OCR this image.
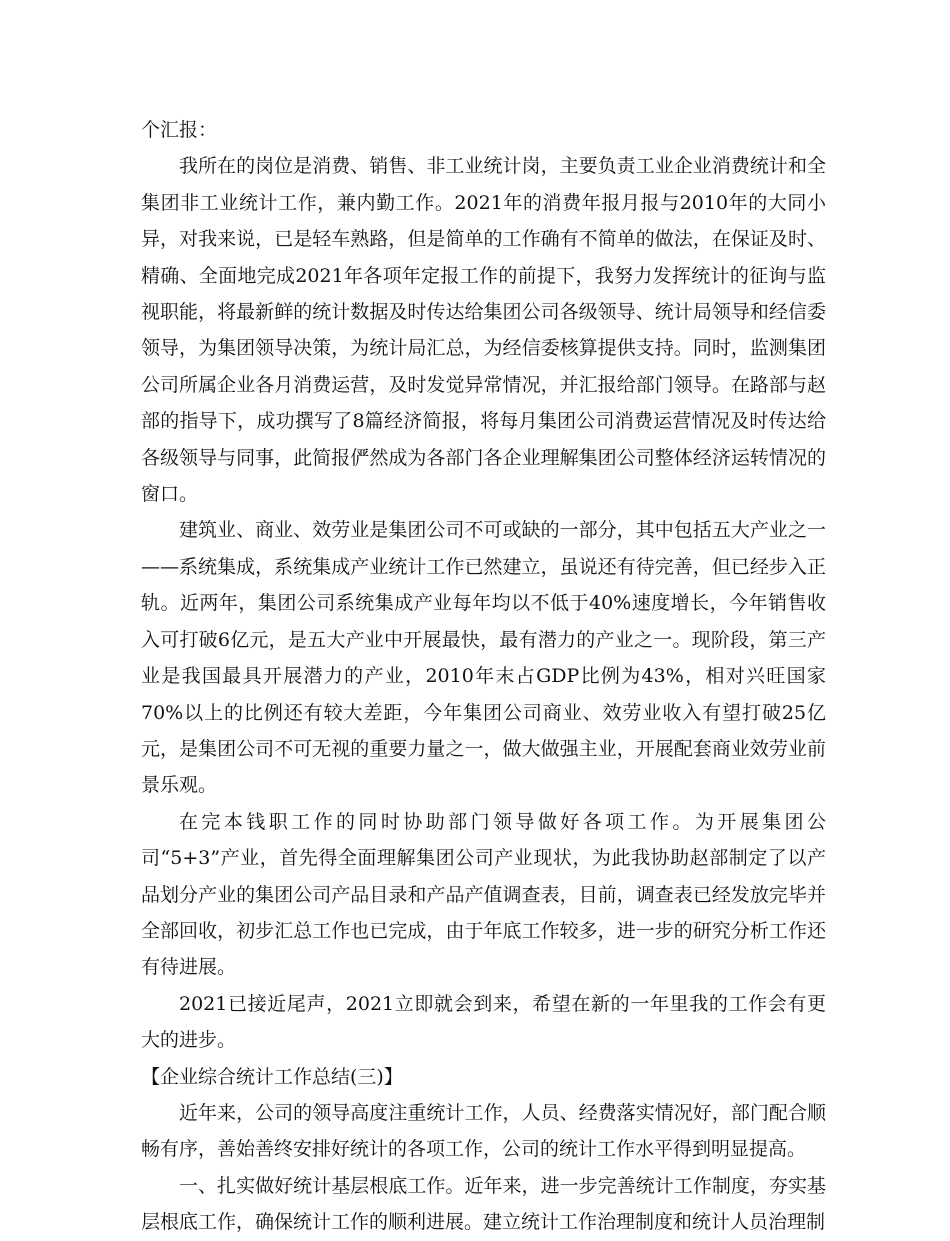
个汇报：

我所在的岗位是消费、销售、非工业统计岗，主要负责工业企业消费统计和全集团非工业统计工作，兼内勤工作。2021年的消费年报月报与2010年的大同小异，对我来说，已是轻车熟路，但是简单的工作确有不简单的做法，在保证及时、精确、全面地完成2021年各项年定报工作的前提下，我努力发挥统计的征询与监视职能，将最新鲜的统计数据及时传达给集团公司各级领导、统计局领导和经信委领导，为集团领导决策，为统计局汇总，为经信委核算提供支持。同时，监测集团公司所属企业各月消费运营，及时发觉异常情况，并汇报给部门领导。在路部与赵部的指导下，成功撰写了8篇经济简报，将每月集团公司消费运营情况及时传达给各级领导与同事，此简报俨然成为各部门各企业理解集团公司整体经济运转情况的窗口。

建筑业、商业、效劳业是集团公司不可或缺的一部分，其中包括五大产业之一——系统集成，系统集成产业统计工作已然建立，虽说还有待完善，但已经步入正轨。近两年，集团公司系统集成产业每年均以不低于40%速度增长，今年销售收入可打破6亿元，是五大产业中开展最快，最有潜力的产业之一。现阶段，第三产业是我国最具开展潜力的产业，2010年末占GDP比例为43%，相对兴旺国家70%以上的比例还有较大差距，今年集团公司商业、效劳业收入有望打破25亿元，是集团公司不可无视的重要力量之一，做大做强主业，开展配套商业效劳业前景乐观。

在完本钱职工作的同时协助部门领导做好各项工作。为开展集团公司“5+3”产业，首先得全面理解集团公司产业现状，为此我协助赵部制定了以产品划分产业的集团公司产品目录和产品产值调查表，目前，调查表已经发放完毕并全部回收，初步汇总工作也已完成，由于年底工作较多，进一步的研究分析工作还有待进展。

2021已接近尾声，2021立即就会到来，希望在新的一年里我的工作会有更大的进步。

【企业综合统计工作总结(三)】

近年来，公司的领导高度注重统计工作，人员、经费落实情况好，部门配合顺畅有序，善始善终安排好统计的各项工作，公司的统计工作水平得到明显提高。

一、扎实做好统计基层根底工作。近年来，进一步完善统计工作制度，夯实基层根底工作，确保统计工作的顺利进展。建立统计工作治理制度和统计人员治理制
